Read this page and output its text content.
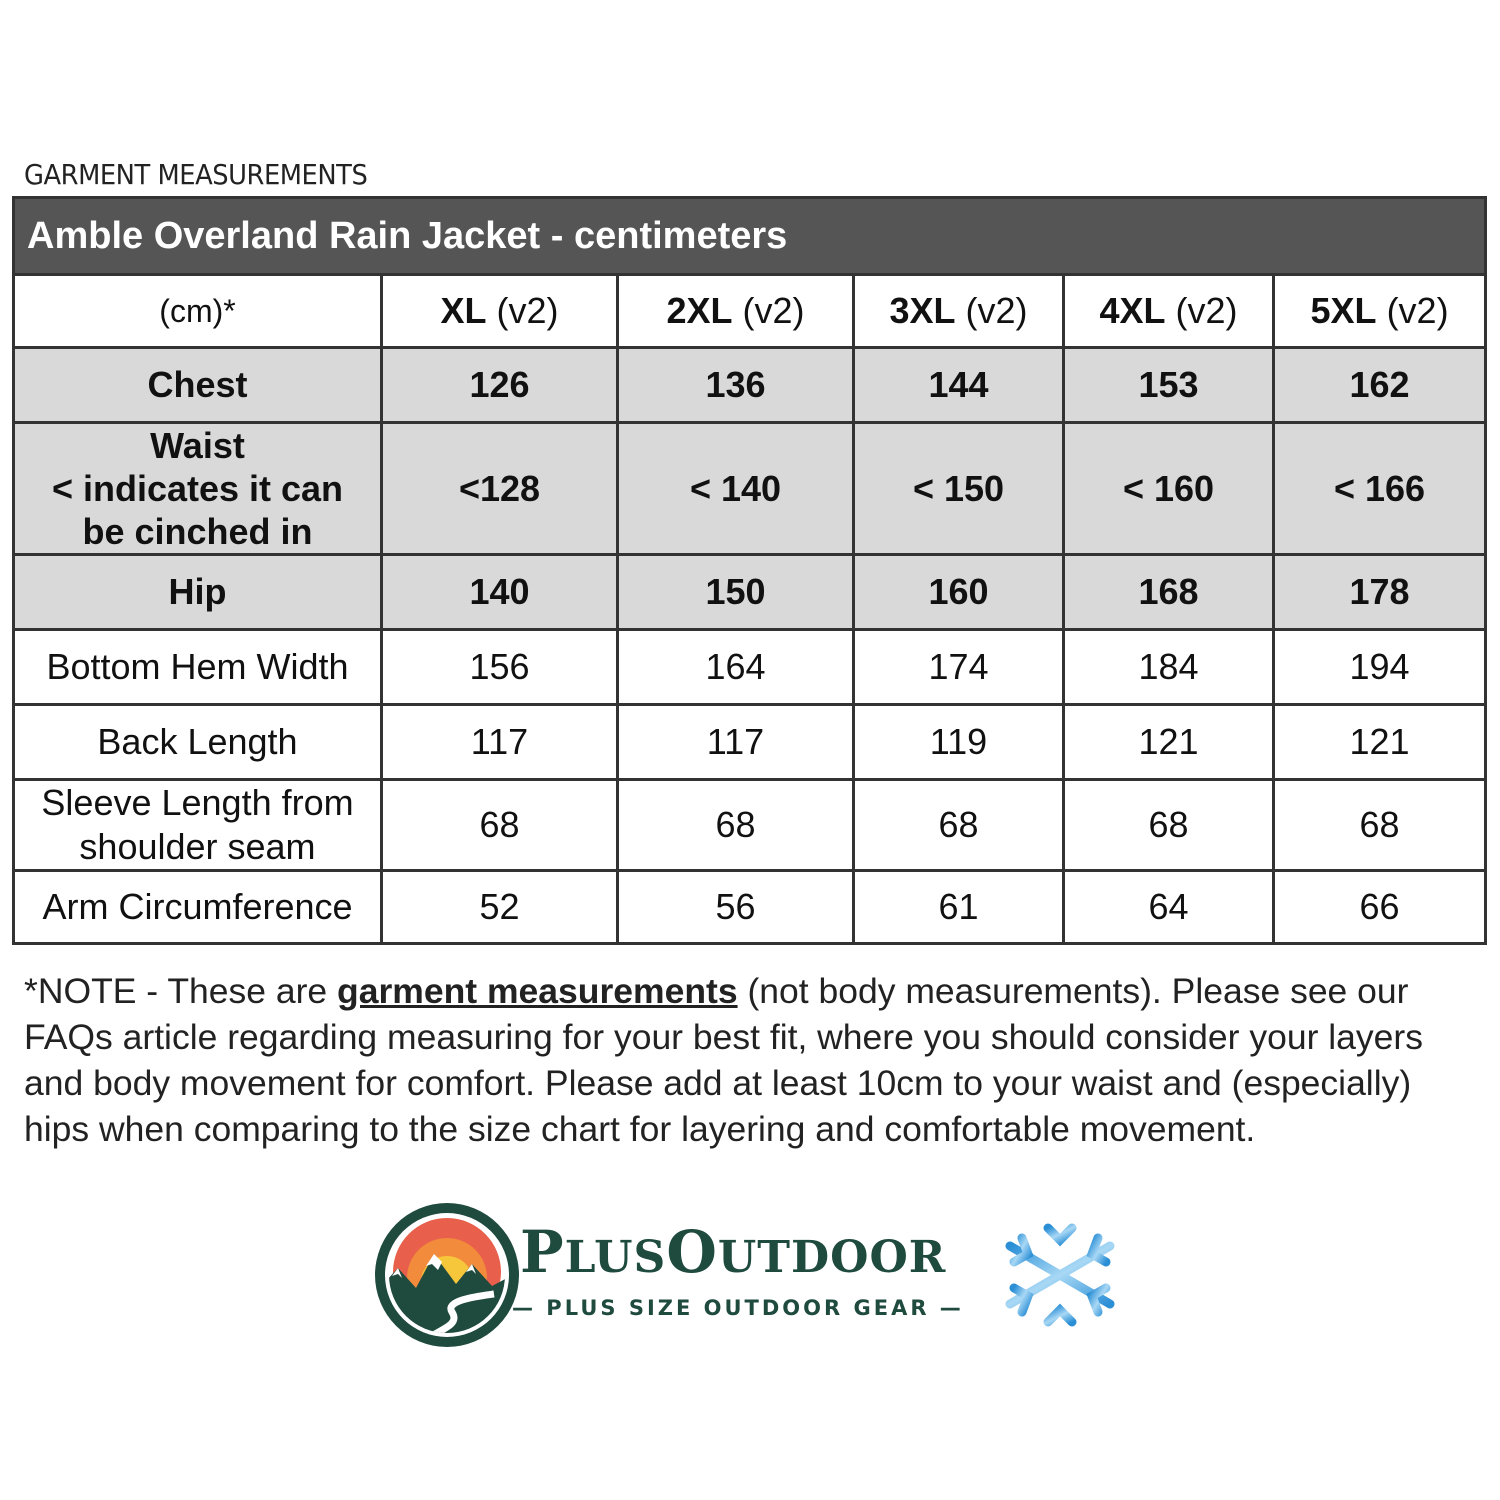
GARMENT MEASUREMENTS
Amble Overland Rain Jacket - centimeters					
(cm)*	XL (v2)	2XL (v2)	3XL (v2)	4XL (v2)	5XL (v2)
Chest	126	136	144	153	162

Waist
< indicates it can
be cinched in	<128	< 140	< 150	< 160	< 166
Hip	140	150	160	168	178
Bottom Hem Width	156	164	174	184	194
Back Length	117	117	119	121	121

Sleeve Length from
shoulder seam	68	68	68	68	68
Arm Circumference	52	56	61	64	66
*NOTE - These are garment measurements (not body measurements). Please see our FAQs article regarding measuring for your best fit, where you should consider your layers and body movement for comfort. Please add at least 10cm to your waist and (especially) hips when comparing to the size chart for layering and comfortable movement.
PLUSOUTDOOR
— PLUS SIZE OUTDOOR GEAR —
